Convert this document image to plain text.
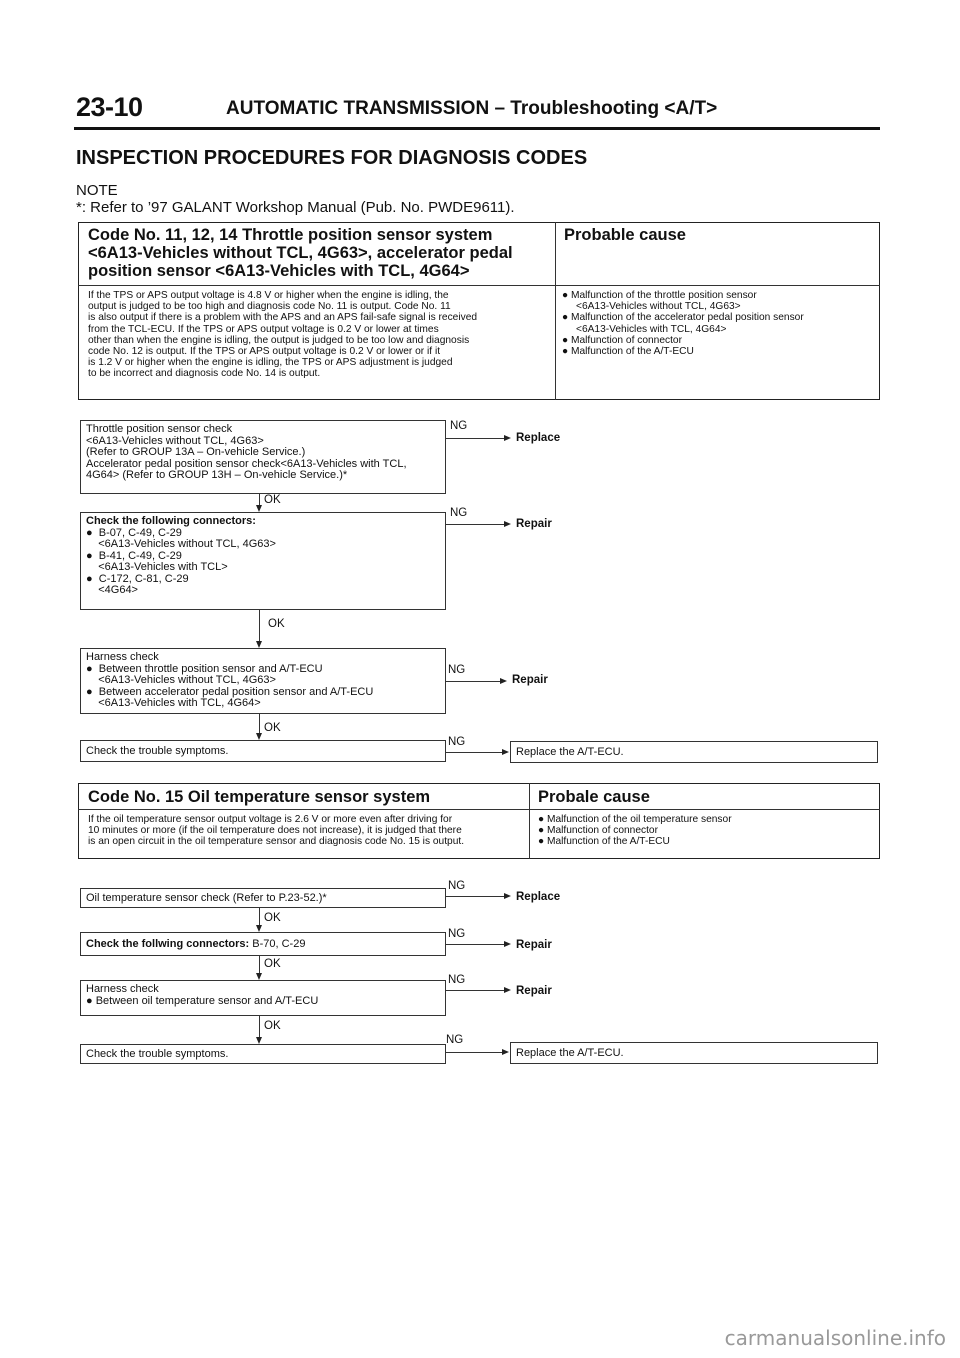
23-10	AUTOMATIC TRANSMISSION – Troubleshooting <A/T>
INSPECTION PROCEDURES FOR DIAGNOSIS CODES
NOTE
*: Refer to ’97 GALANT Workshop Manual (Pub. No. PWDE9611).
Code No. 11, 12, 14 Throttle position sensor system
<6A13-Vehicles without TCL, 4G63>, accelerator pedal
position sensor <6A13-Vehicles with TCL, 4G64>
Probable cause
If the TPS or APS output voltage is 4.8 V or higher when the engine is idling, the
output is judged to be too high and diagnosis code No. 11 is output. Code No. 11
is also output if there is a problem with the APS and an APS fail-safe signal is received
from the TCL-ECU. If the TPS or APS output voltage is 0.2 V or lower at times
other than when the engine is idling, the output is judged to be too low and diagnosis
code No. 12 is output. If the TPS or APS output voltage is 0.2 V or lower or if it
is 1.2 V or higher when the engine is idling, the TPS or APS adjustment is judged
to be incorrect and diagnosis code No. 14 is output.
● Malfunction of the throttle position sensor
<6A13-Vehicles without TCL, 4G63>
● Malfunction of the accelerator pedal position sensor
<6A13-Vehicles with TCL, 4G64>
● Malfunction of connector
● Malfunction of the A/T-ECU
Throttle position sensor check
<6A13-Vehicles without TCL, 4G63>
(Refer to GROUP 13A – On-vehicle Service.)
Accelerator pedal position sensor check<6A13-Vehicles with TCL,
4G64> (Refer to GROUP 13H – On-vehicle Service.)*
NG
Replace
OK
Check the following connectors:
●  B-07, C-49, C-29
<6A13-Vehicles without TCL, 4G63>
●  B-41, C-49, C-29
<6A13-Vehicles with TCL>
●  C-172, C-81, C-29
<4G64>
NG
Repair
OK
Harness check
●  Between throttle position sensor and A/T-ECU
<6A13-Vehicles without TCL, 4G63>
●  Between accelerator pedal position sensor and A/T-ECU
<6A13-Vehicles with TCL, 4G64>
NG
Repair
OK
Check the trouble symptoms.
NG
Replace the A/T-ECU.
Code No. 15 Oil temperature sensor system	Probale cause
If the oil temperature sensor output voltage is 2.6 V or more even after driving for
10 minutes or more (if the oil temperature does not increase), it is judged that there
is an open circuit in the oil temperature sensor and diagnosis code No. 15 is output.
● Malfunction of the oil temperature sensor
● Malfunction of connector
● Malfunction of the A/T-ECU
Oil temperature sensor check (Refer to P.23-52.)*
NG
Replace
OK
Check the follwing connectors: B-70, C-29
NG
Repair
OK
Harness check
● Between oil temperature sensor and A/T-ECU
NG
Repair
OK
Check the trouble symptoms.
NG
Replace the A/T-ECU.
carmanualsonline.info
